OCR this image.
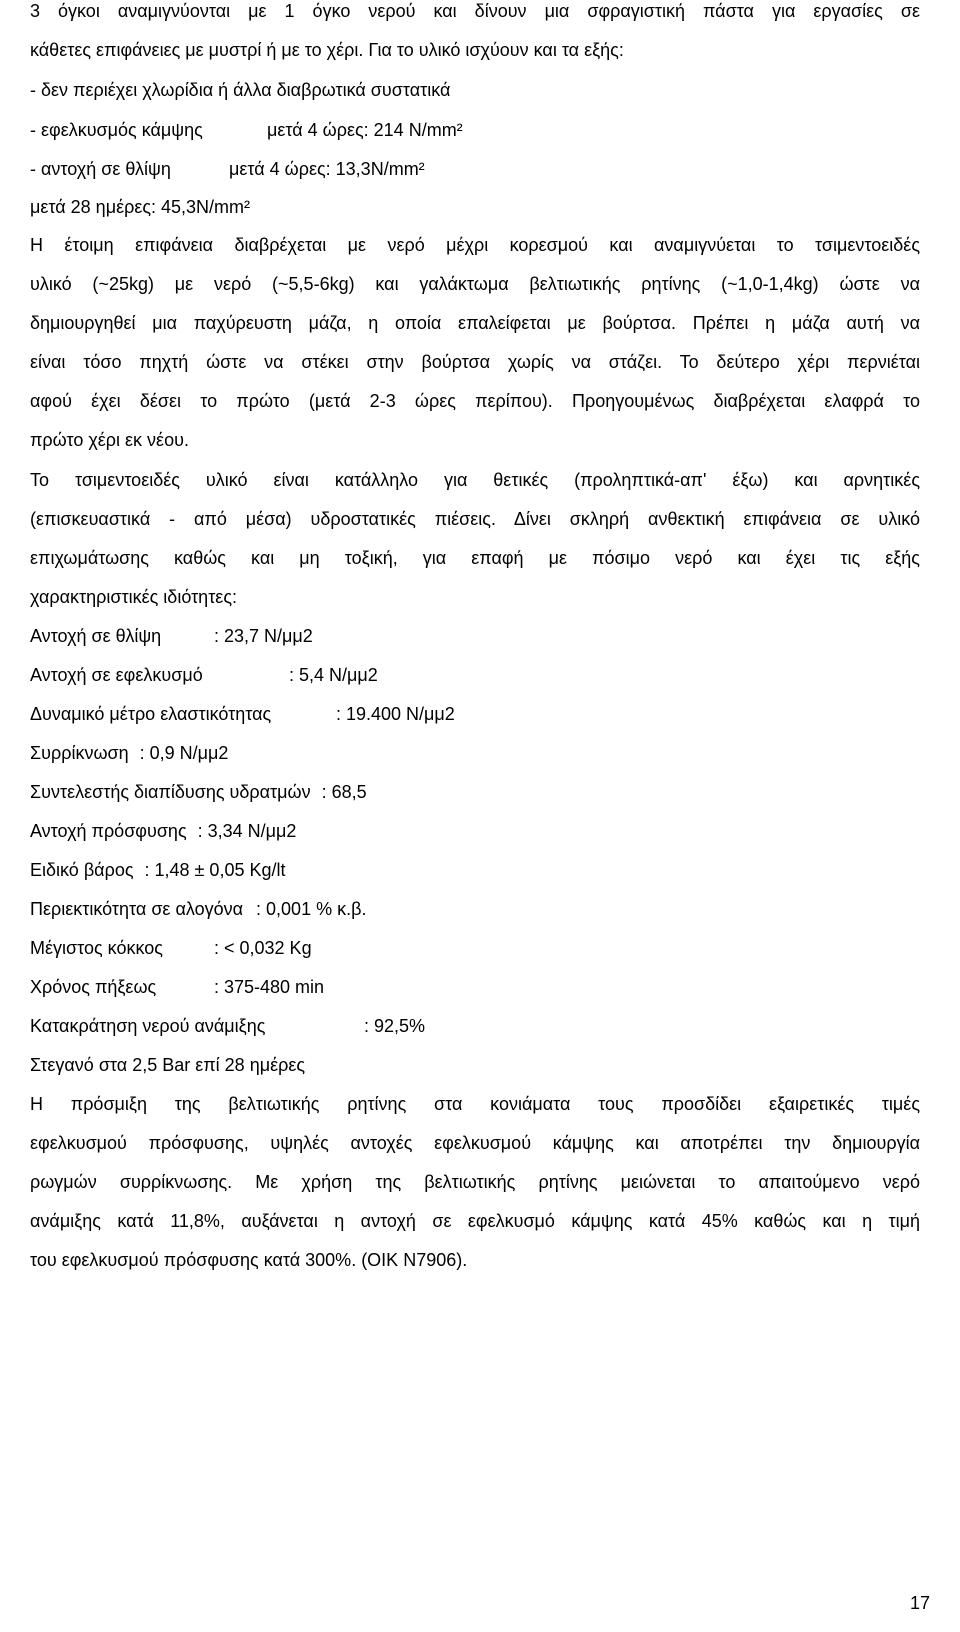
3 όγκοι αναμιγνύονται με 1 όγκο νερού και δίνουν μια σφραγιστική πάστα για εργασίες σε
κάθετες επιφάνειες με μυστρί ή με το χέρι. Για το υλικό ισχύουν και τα εξής:
- δεν περιέχει χλωρίδια ή άλλα διαβρωτικά συστατικά
- εφελκυσμός κάμψης	μετά 4 ώρες: 214 N/mm²
- αντοχή σε θλίψη	μετά 4 ώρες: 13,3N/mm²
μετά 28 ημέρες: 45,3N/mm²
Η έτοιμη επιφάνεια διαβρέχεται με νερό μέχρι κορεσμού και αναμιγνύεται το τσιμεντοειδές
υλικό (~25kg) με νερό (~5,5-6kg) και γαλάκτωμα βελτιωτικής ρητίνης (~1,0-1,4kg) ώστε να
δημιουργηθεί μια παχύρευστη μάζα, η οποία επαλείφεται με βούρτσα. Πρέπει η μάζα αυτή να
είναι τόσο πηχτή ώστε να στέκει στην βούρτσα χωρίς να στάζει. Το δεύτερο χέρι περνιέται
αφού έχει δέσει το πρώτο (μετά 2-3 ώρες περίπου). Προηγουμένως διαβρέχεται ελαφρά το
πρώτο χέρι εκ νέου.
Το τσιμεντοειδές υλικό είναι κατάλληλο για θετικές (προληπτικά-απ' έξω) και αρνητικές
(επισκευαστικά - από μέσα) υδροστατικές πιέσεις. Δίνει σκληρή ανθεκτική επιφάνεια σε υλικό
επιχωμάτωσης καθώς και μη τοξική, για επαφή με πόσιμο νερό και έχει τις εξής
χαρακτηριστικές ιδιότητες:
Αντοχή σε θλίψη	: 23,7 N/μμ2
Αντοχή σε εφελκυσμό	: 5,4 N/μμ2
Δυναμικό μέτρο ελαστικότητας	: 19.400 N/μμ2
Συρρίκνωση : 0,9 N/μμ2
Συντελεστής διαπίδυσης υδρατμών : 68,5
Αντοχή πρόσφυσης : 3,34 N/μμ2
Ειδικό βάρος : 1,48 ± 0,05 Kg/lt
Περιεκτικότητα σε αλογόνα : 0,001 % κ.β.
Μέγιστος κόκκος	: < 0,032 Kg
Χρόνος πήξεως	: 375-480 min
Κατακράτηση νερού ανάμιξης	: 92,5%
Στεγανό στα 2,5 Bar επί 28 ημέρες
Η πρόσμιξη της βελτιωτικής ρητίνης στα κονιάματα τους προσδίδει εξαιρετικές τιμές
εφελκυσμού πρόσφυσης, υψηλές αντοχές εφελκυσμού κάμψης και αποτρέπει την δημιουργία
ρωγμών συρρίκνωσης. Με χρήση της βελτιωτικής ρητίνης μειώνεται το απαιτούμενο νερό
ανάμιξης κατά 11,8%, αυξάνεται η αντοχή σε εφελκυσμό κάμψης κατά 45% καθώς και η τιμή
του εφελκυσμού πρόσφυσης κατά 300%. (ΟΙΚ Ν7906).
17
